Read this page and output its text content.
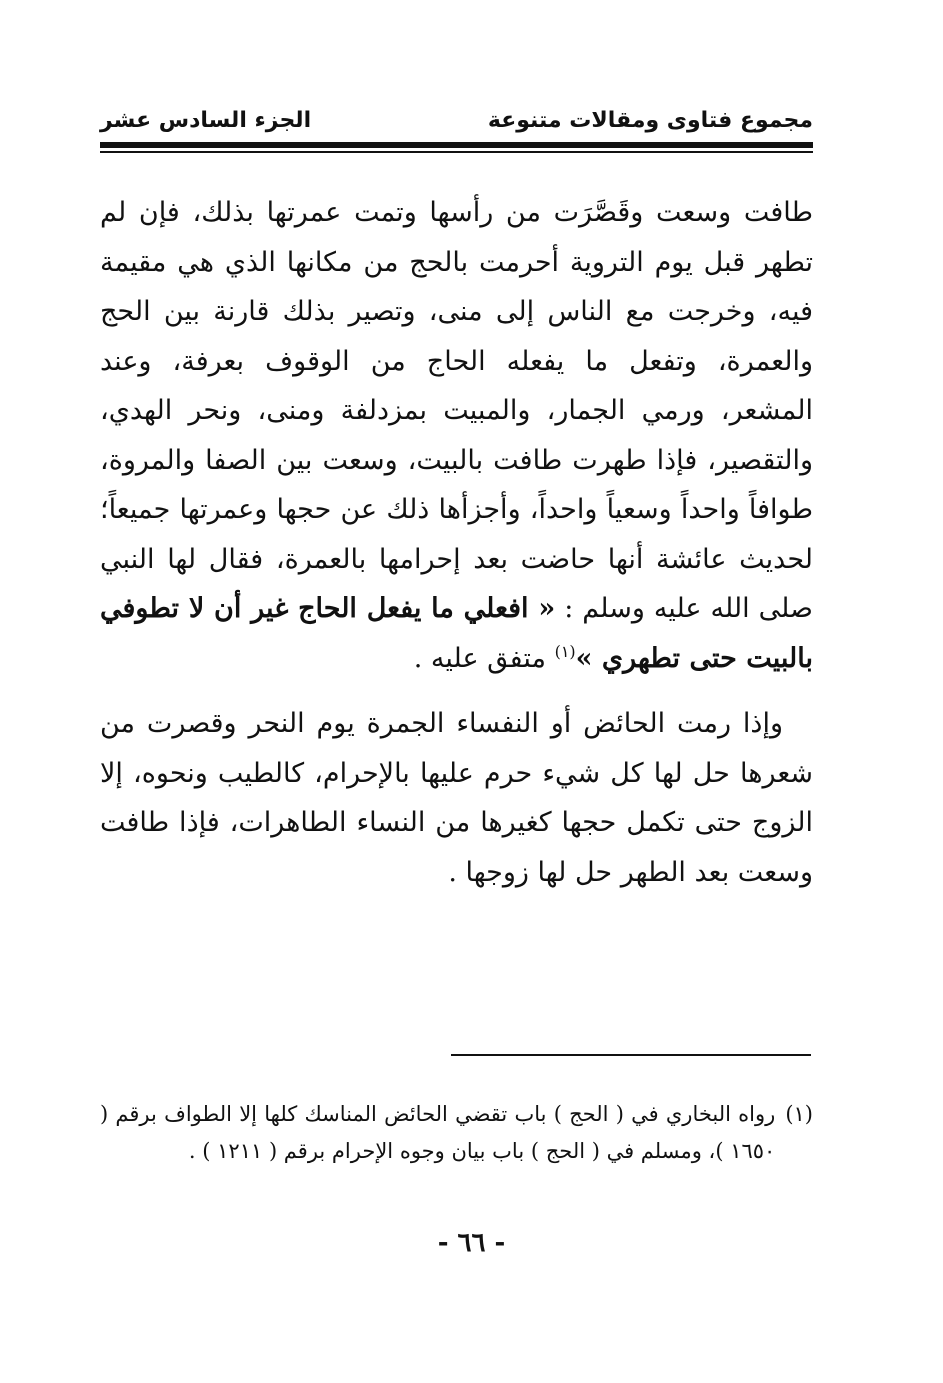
مجموع فتاوى ومقالات متنوعة
الجزء السادس عشر

طافت وسعت وقَصَّرَت من رأسها وتمت عمرتها بذلك، فإن لم تطهر قبل يوم التروية أحرمت بالحج من مكانها الذي هي مقيمة فيه، وخرجت مع الناس إلى منى، وتصير بذلك قارنة بين الحج والعمرة، وتفعل ما يفعله الحاج من الوقوف بعرفة، وعند المشعر، ورمي الجمار، والمبيت بمزدلفة ومنى، ونحر الهدي، والتقصير، فإذا طهرت طافت بالبيت، وسعت بين الصفا والمروة، طوافاً واحداً وسعياً واحداً، وأجزأها ذلك عن حجها وعمرتها جميعاً؛ لحديث عائشة أنها حاضت بعد إحرامها بالعمرة، فقال لها النبي صلى الله عليه وسلم : « افعلي ما يفعل الحاج غير أن لا تطوفي بالبيت حتى تطهري »$^{(١)}$ متفق عليه .

وإذا رمت الحائض أو النفساء الجمرة يوم النحر وقصرت من شعرها حل لها كل شيء حرم عليها بالإحرام، كالطيب ونحوه، إلا الزوج حتى تكمل حجها كغيرها من النساء الطاهرات، فإذا طافت وسعت بعد الطهر حل لها زوجها .

(١)
رواه البخاري في ( الحج ) باب تقضي الحائض المناسك كلها إلا الطواف برقم ( ١٦٥٠ )، ومسلم في ( الحج ) باب بيان وجوه الإحرام برقم ( ١٢١١ ) .
- ٦٦ -
